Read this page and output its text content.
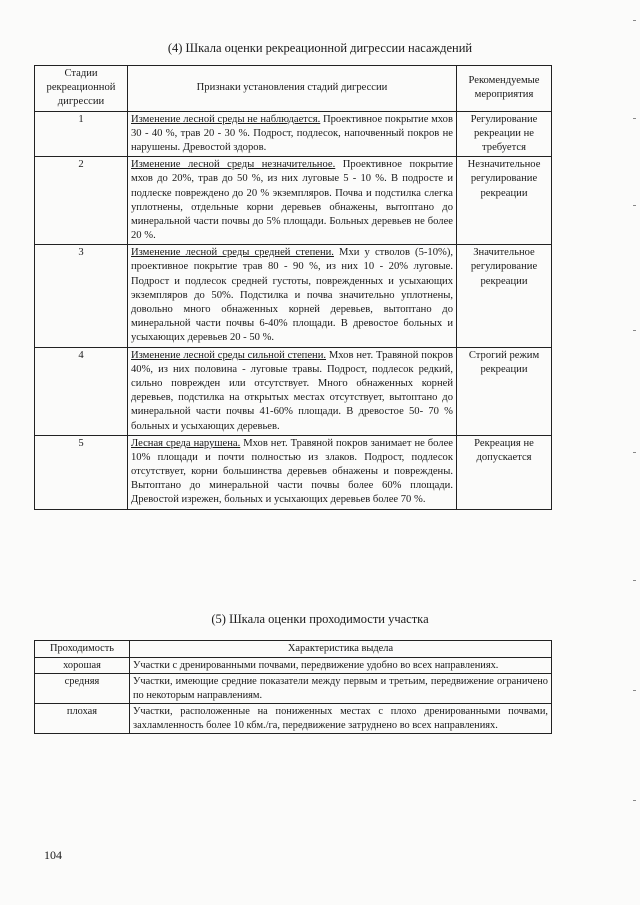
(4) Шкала оценки рекреационной дигрессии насаждений
Стадии рекреационной дигрессии	Признаки установления стадий дигрессии	Рекомендуемые мероприятия
1	Изменение лесной среды не наблюдается. Проективное покрытие мхов 30 - 40 %, трав 20 - 30 %. Подрост, подлесок, напочвенный покров не нарушены. Древостой здоров.	Регулирование рекреации не требуется
2	Изменение лесной среды незначительное. Проективное покрытие мхов до 20%, трав до 50 %, из них луговые 5 - 10 %. В подросте и подлеске повреждено до 20 % экземпляров. Почва и подстилка слегка уплотнены, отдельные корни деревьев обнажены, вытоптано до минеральной части почвы до 5% площади. Больных деревьев не более 20 %.	Незначительное регулирование рекреации
3	Изменение лесной среды средней степени. Мхи у стволов (5-10%), проективное покрытие трав 80 - 90 %, из них 10 - 20% луговые. Подрост и подлесок средней густоты, поврежденных и усыхающих экземпляров до 50%. Подстилка и почва значительно уплотнены, довольно много обнаженных корней деревьев, вытоптано до минеральной части почвы 6-40% площади. В древостое больных и усыхающих деревьев 20 - 50 %.	Значительное регулирование рекреации
4	Изменение лесной среды сильной степени. Мхов нет. Травяной покров 40%, из них половина - луговые травы. Подрост, подлесок редкий, сильно поврежден или отсутствует. Много обнаженных корней деревьев, подстилка на открытых местах отсутствует, вытоптано до минеральной части почвы 41-60% площади. В древостое 50- 70 % больных и усыхающих деревьев.	Строгий режим рекреации
5	Лесная среда нарушена. Мхов нет. Травяной покров занимает не более 10% площади и почти полностью из злаков. Подрост, подлесок отсутствует, корни большинства деревьев обнажены и повреждены. Вытоптано до минеральной части почвы более 60% площади. Древостой изрежен, больных и усыхающих деревьев более 70 %.	Рекреация не допускается
(5) Шкала оценки проходимости участка
Проходимость	Характеристика выдела
хорошая	Участки с дренированными почвами, передвижение удобно во всех направлениях.
средняя	Участки, имеющие средние показатели между первым и третьим, передвижение ограничено по некоторым направлениям.
плохая	Участки, расположенные на пониженных местах с плохо дренированными почвами, захламленность более 10 кбм./га, передвижение затруднено во всех направлениях.
104
